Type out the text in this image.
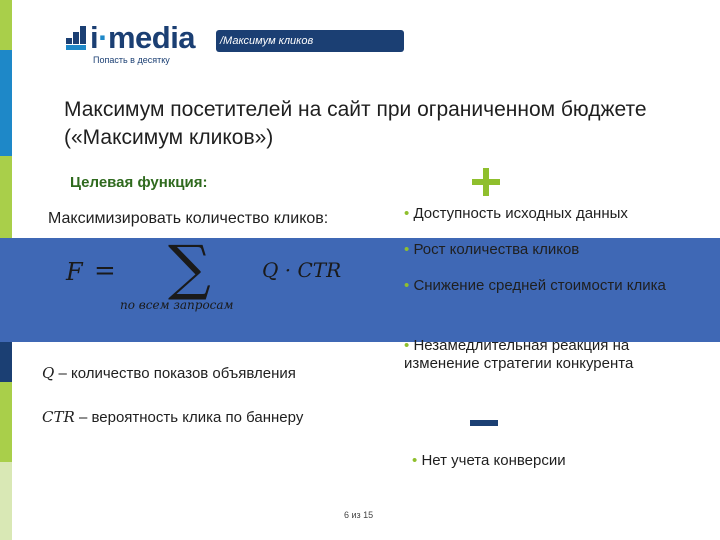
i·media
Попасть в десятку
/Максимум кликов
Максимум посетителей на сайт при ограниченном бюджете («Максимум кликов»)
Целевая функция:
Максимизировать количество кликов:
F = ∑	Q · CTR
по всем запросам
Q – количество показов объявления
CTR – вероятность клика по баннеру
• Доступность исходных данных
• Рост количества кликов
• Снижение средней стоимости клика
• Незамедлительная реакция на изменение стратегии конкурента
• Нет учета конверсии
6 из 15
